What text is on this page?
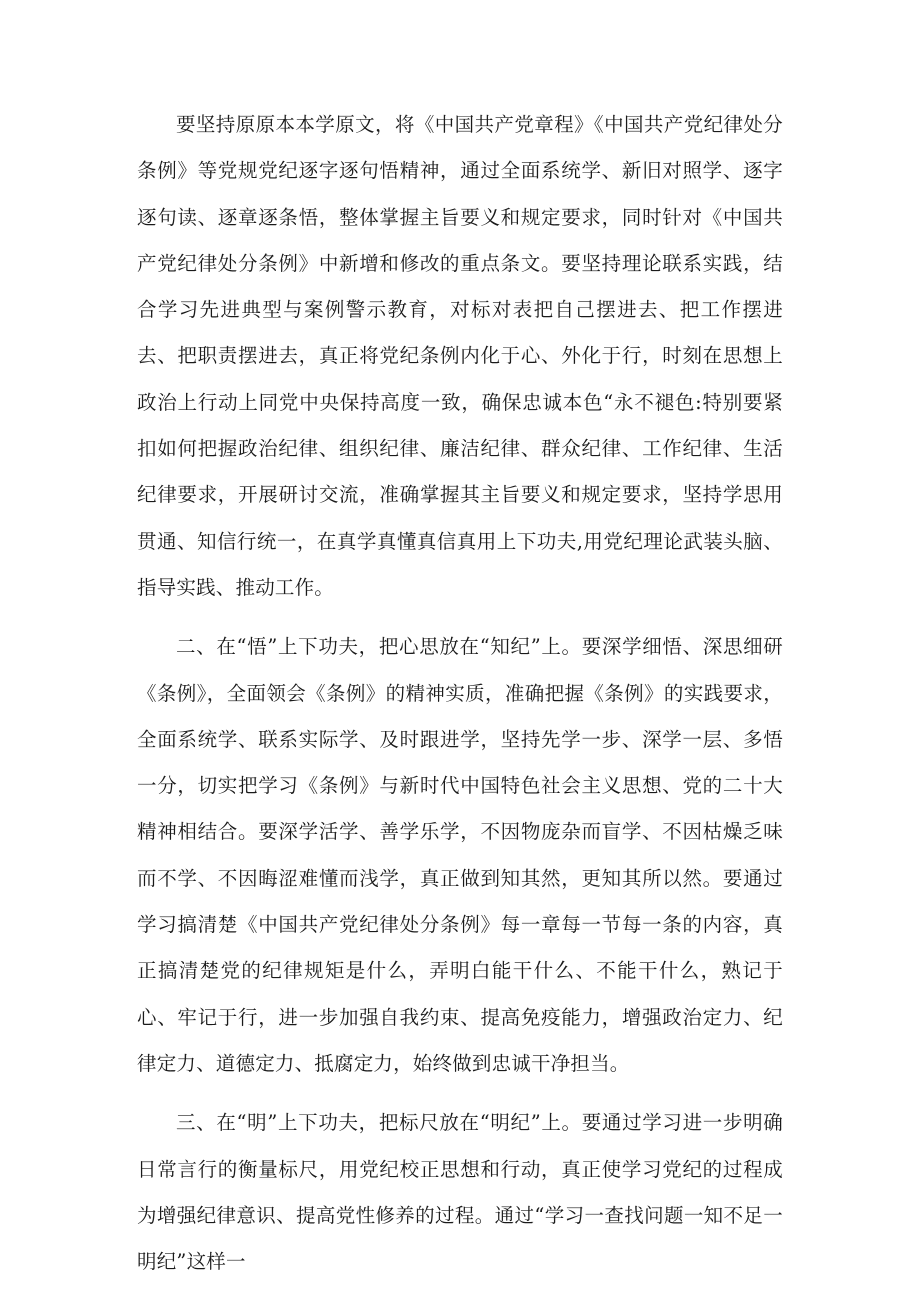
要坚持原原本本学原文，将《中国共产党章程》《中国共产党纪律处分条例》等党规党纪逐字逐句悟精神，通过全面系统学、新旧对照学、逐字逐句读、逐章逐条悟，整体掌握主旨要义和规定要求，同时针对《中国共产党纪律处分条例》中新增和修改的重点条文。要坚持理论联系实践，结合学习先进典型与案例警示教育，对标对表把自己摆进去、把工作摆进去、把职责摆进去，真正将党纪条例内化于心、外化于行，时刻在思想上政治上行动上同党中央保持高度一致，确保忠诚本色“永不褪色:特别要紧扣如何把握政治纪律、组织纪律、廉洁纪律、群众纪律、工作纪律、生活纪律要求，开展研讨交流，准确掌握其主旨要义和规定要求，坚持学思用贯通、知信行统一，在真学真懂真信真用上下功夫,用党纪理论武装头脑、指导实践、推动工作。

二、在“悟”上下功夫，把心思放在“知纪”上。要深学细悟、深思细研《条例》，全面领会《条例》的精神实质，准确把握《条例》的实践要求，全面系统学、联系实际学、及时跟进学，坚持先学一步、深学一层、多悟一分，切实把学习《条例》与新时代中国特色社会主义思想、党的二十大精神相结合。要深学活学、善学乐学，不因物庞杂而盲学、不因枯燥乏味而不学、不因晦涩难懂而浅学，真正做到知其然，更知其所以然。要通过学习搞清楚《中国共产党纪律处分条例》每一章每一节每一条的内容，真正搞清楚党的纪律规矩是什么，弄明白能干什么、不能干什么，熟记于心、牢记于行，进一步加强自我约束、提高免疫能力，增强政治定力、纪律定力、道德定力、抵腐定力，始终做到忠诚干净担当。

三、在“明”上下功夫，把标尺放在“明纪”上。要通过学习进一步明确日常言行的衡量标尺，用党纪校正思想和行动，真正使学习党纪的过程成为增强纪律意识、提高党性修养的过程。通过“学习一查找问题一知不足一明纪”这样一
